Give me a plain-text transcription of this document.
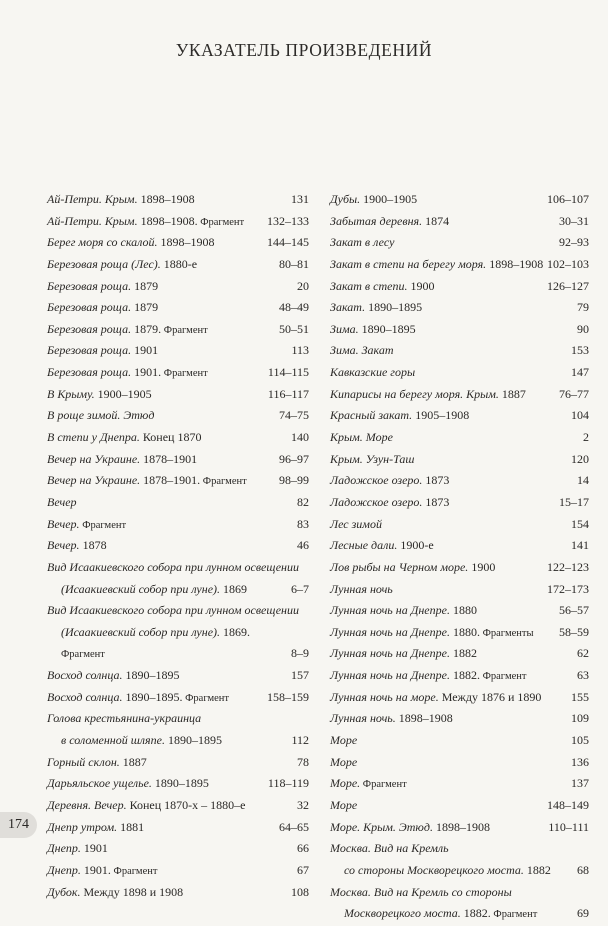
УКАЗАТЕЛЬ ПРОИЗВЕДЕНИЙ
Ай-Петри. Крым. 1898–1908	131
Ай-Петри. Крым. 1898–1908. Фрагмент 132–133
Берег моря со скалой. 1898–1908	144–145
Березовая роща (Лес). 1880-е	80–81
Березовая роща. 1879	20
Березовая роща. 1879	48–49
Березовая роща. 1879. Фрагмент	50–51
Березовая роща. 1901	113
Березовая роща. 1901. Фрагмент	114–115
В Крыму. 1900–1905	116–117
В роще зимой. Этюд	74–75
В степи у Днепра. Конец 1870	140
Вечер на Украине. 1878–1901	96–97
Вечер на Украине. 1878–1901. Фрагмент	98–99
Вечер	82
Вечер. Фрагмент	83
Вечер. 1878	46
Вид Исаакиевского собора при лунном освещении
(Исаакиевский собор при луне). 1869	6–7
Вид Исаакиевского собора при лунном освещении
(Исаакиевский собор при луне). 1869.
Фрагмент	8–9
Восход солнца. 1890–1895	157
Восход солнца. 1890–1895. Фрагмент	158–159
Голова крестьянина-украинца
в соломенной шляпе. 1890–1895	112
Горный склон. 1887	78
Дарьяльское ущелье. 1890–1895	118–119
Деревня. Вечер. Конец 1870-х – 1880–е	32
Днепр утром. 1881	64–65
Днепр. 1901	66
Днепр. 1901. Фрагмент	67
Дубок. Между 1898 и 1908	108
Дубы. 1900–1905	106–107
Забытая деревня. 1874	30–31
Закат в лесу	92–93
Закат в степи на берегу моря. 1898–1908 102–103
Закат в степи. 1900	126–127
Закат. 1890–1895	79
Зима. 1890–1895	90
Зима. Закат	153
Кавказские горы	147
Кипарисы на берегу моря. Крым. 1887	76–77
Красный закат. 1905–1908	104
Крым. Море	2
Крым. Узун-Таш	120
Ладожское озеро. 1873	14
Ладожское озеро. 1873	15–17
Лес зимой	154
Лесные дали. 1900-е	141
Лов рыбы на Черном море. 1900	122–123
Лунная ночь	172–173
Лунная ночь на Днепре. 1880	56–57
Лунная ночь на Днепре. 1880. Фрагменты 58–59
Лунная ночь на Днепре. 1882	62
Лунная ночь на Днепре. 1882. Фрагмент	63
Лунная ночь на море. Между 1876 и 1890 155
Лунная ночь. 1898–1908	109
Море	105
Море	136
Море. Фрагмент	137
Море	148–149
Море. Крым. Этюд. 1898–1908	110–111
Москва. Вид на Кремль
со стороны Москворецкого моста. 1882 68
Москва. Вид на Кремль со стороны
Москворецкого моста. 1882. Фрагмент	69
174
